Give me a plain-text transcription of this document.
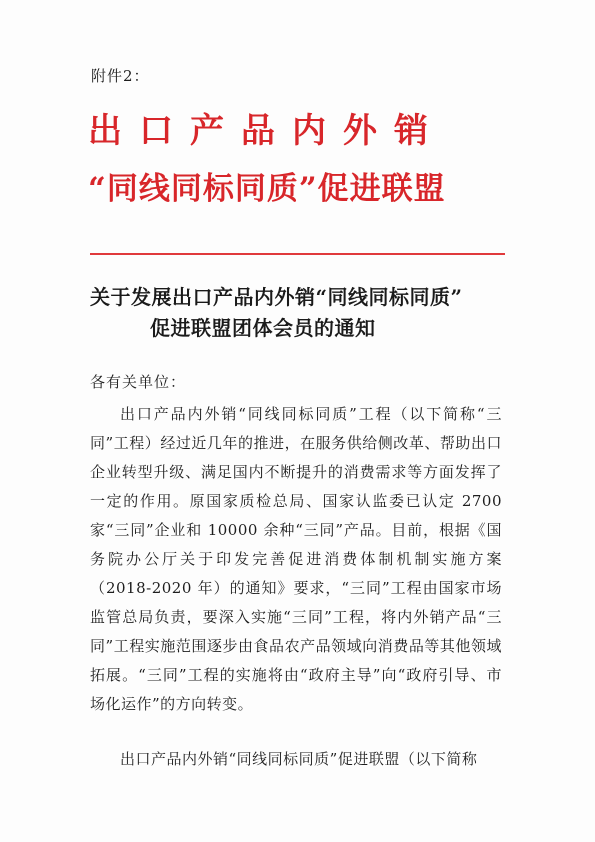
附件2：
出口产品内外销
“同线同标同质”促进联盟
关于发展出口产品内外销“同线同标同质”
促进联盟团体会员的通知
各有关单位：

出口产品内外销“同线同标同质”工程（以下简称“三同”工程）经过近几年的推进，在服务供给侧改革、帮助出口企业转型升级、满足国内不断提升的消费需求等方面发挥了一定的作用。原国家质检总局、国家认监委已认定 2700家“三同”企业和 10000 余种“三同”产品。目前，根据《国务院办公厅关于印发完善促进消费体制机制实施方案（2018-2020 年）的通知》要求，“三同”工程由国家市场监管总局负责，要深入实施“三同”工程，将内外销产品“三同”工程实施范围逐步由食品农产品领域向消费品等其他领域拓展。“三同”工程的实施将由“政府主导”向“政府引导、市场化运作”的方向转变。

出口产品内外销“同线同标同质”促进联盟（以下简称
